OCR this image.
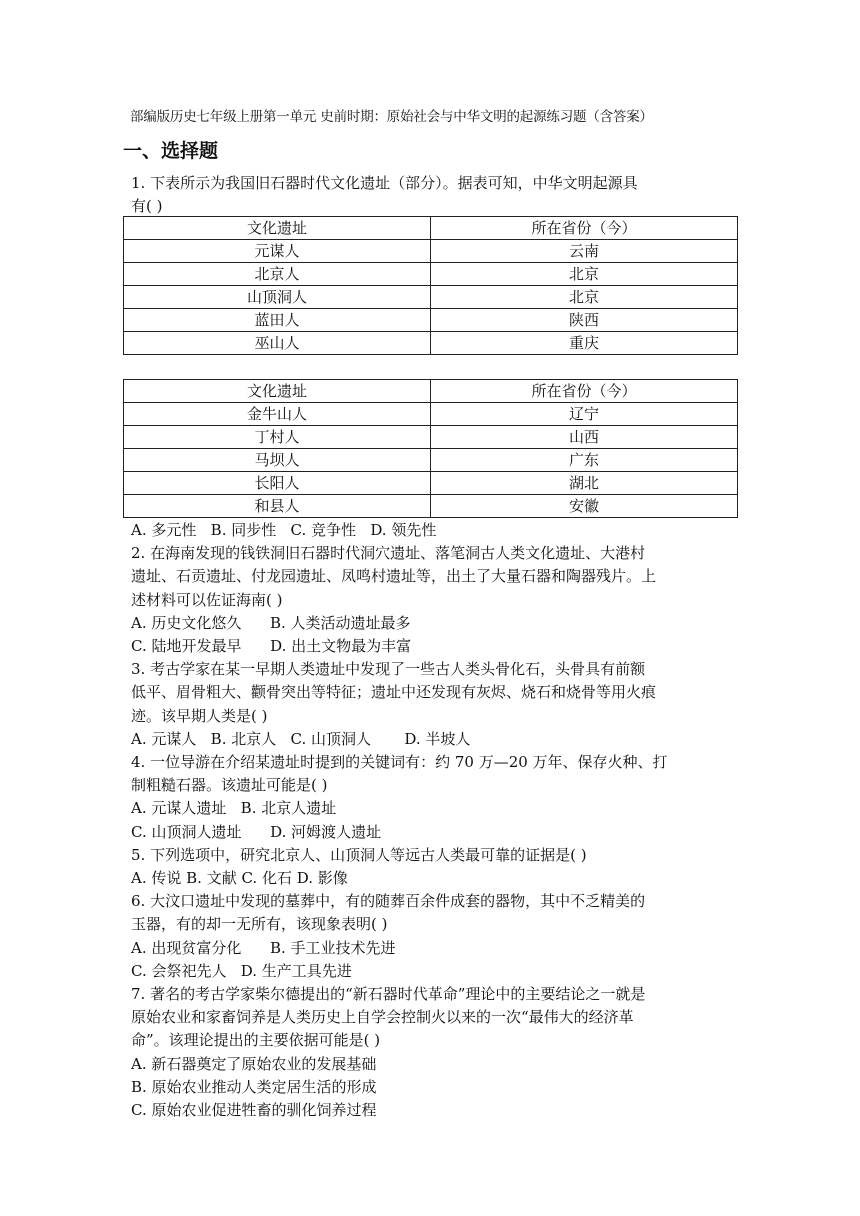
部编版历史七年级上册第一单元 史前时期：原始社会与中华文明的起源练习题（含答案）
一、选择题

1. 下表所示为我国旧石器时代文化遗址（部分）。据表可知，中华文明起源具

有( )

文化遗址	所在省份（今）
元谋人	云南
北京人	北京
山顶洞人	北京
蓝田人	陕西
巫山人	重庆
文化遗址	所在省份（今）
金牛山人	辽宁
丁村人	山西
马坝人	广东
长阳人	湖北
和县人	安徽

A. 多元性   B. 同步性   C. 竞争性   D. 领先性

2. 在海南发现的钱铁洞旧石器时代洞穴遗址、落笔洞古人类文化遗址、大港村

遗址、石贡遗址、付龙园遗址、凤鸣村遗址等，出土了大量石器和陶器残片。上

述材料可以佐证海南( )

A. 历史文化悠久      B. 人类活动遗址最多

C. 陆地开发最早      D. 出土文物最为丰富

3. 考古学家在某一早期人类遗址中发现了一些古人类头骨化石，头骨具有前额

低平、眉骨粗大、颧骨突出等特征；遗址中还发现有灰烬、烧石和烧骨等用火痕

迹。该早期人类是( )

A. 元谋人   B. 北京人   C. 山顶洞人       D. 半坡人

4. 一位导游在介绍某遗址时提到的关键词有：约 70 万—20 万年、保存火种、打

制粗糙石器。该遗址可能是( )

A. 元谋人遗址   B. 北京人遗址

C. 山顶洞人遗址      D. 河姆渡人遗址

5. 下列选项中，研究北京人、山顶洞人等远古人类最可靠的证据是( )

A. 传说 B. 文献 C. 化石 D. 影像

6. 大汶口遗址中发现的墓葬中，有的随葬百余件成套的器物，其中不乏精美的

玉器，有的却一无所有，该现象表明( )

A. 出现贫富分化      B. 手工业技术先进

C. 会祭祀先人   D. 生产工具先进

7. 著名的考古学家柴尔德提出的“新石器时代革命”理论中的主要结论之一就是

原始农业和家畜饲养是人类历史上自学会控制火以来的一次“最伟大的经济革

命”。该理论提出的主要依据可能是( )

A. 新石器奠定了原始农业的发展基础

B. 原始农业推动人类定居生活的形成

C. 原始农业促进牲畜的驯化饲养过程
